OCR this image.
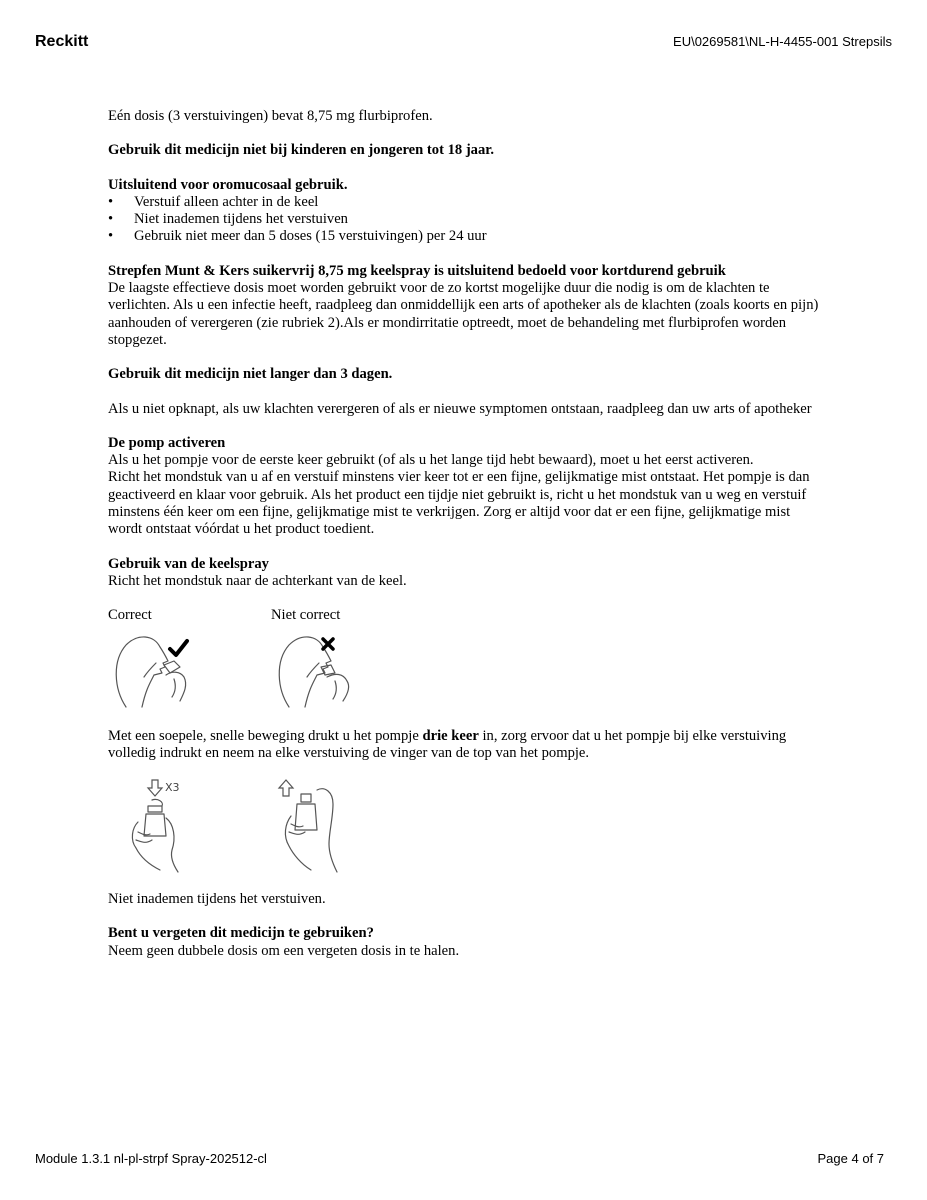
Reckitt	EU\0269581\NL-H-4455-001 Strepsils

Eén dosis (3 verstuivingen) bevat 8,75 mg flurbiprofen.

Gebruik dit medicijn niet bij kinderen en jongeren tot 18 jaar.

Uitsluitend voor oromucosaal gebruik.

• Verstuif alleen achter in de keel
• Niet inademen tijdens het verstuiven
• Gebruik niet meer dan 5 doses (15 verstuivingen) per 24 uur

Strepfen Munt & Kers suikervrij 8,75 mg keelspray is uitsluitend bedoeld voor kortdurend gebruik

De laagste effectieve dosis moet worden gebruikt voor de zo kortst mogelijke duur die nodig is om de klachten te verlichten. Als u een infectie heeft, raadpleeg dan onmiddellijk een arts of apotheker als de klachten (zoals koorts en pijn) aanhouden of verergeren (zie rubriek 2).Als er mondirritatie optreedt, moet de behandeling met flurbiprofen worden stopgezet.

Gebruik dit medicijn niet langer dan 3 dagen.

Als u niet opknapt, als uw klachten verergeren of als er nieuwe symptomen ontstaan, raadpleeg dan uw arts of apotheker

De pomp activeren

Als u het pompje voor de eerste keer gebruikt (of als u het lange tijd hebt bewaard), moet u het eerst activeren.

Richt het mondstuk van u af en verstuif minstens vier keer tot er een fijne, gelijkmatige mist ontstaat. Het pompje is dan geactiveerd en klaar voor gebruik. Als het product een tijdje niet gebruikt is, richt u het mondstuk van u weg en verstuif minstens één keer om een fijne, gelijkmatige mist te verkrijgen. Zorg er altijd voor dat er een fijne, gelijkmatige mist wordt ontstaat vóórdat u het product toedient.

Gebruik van de keelspray

Richt het mondstuk naar de achterkant van de keel.

Correct	Niet correct

Met een soepele, snelle beweging drukt u het pompje drie keer in, zorg ervoor dat u het pompje bij elke verstuiving volledig indrukt en neem na elke verstuiving de vinger van de top van het pompje.

X3

Niet inademen tijdens het verstuiven.

Bent u vergeten dit medicijn te gebruiken?

Neem geen dubbele dosis om een vergeten dosis in te halen.

Module 1.3.1 nl-pl-strpf Spray-202512-cl	Page 4 of 7
